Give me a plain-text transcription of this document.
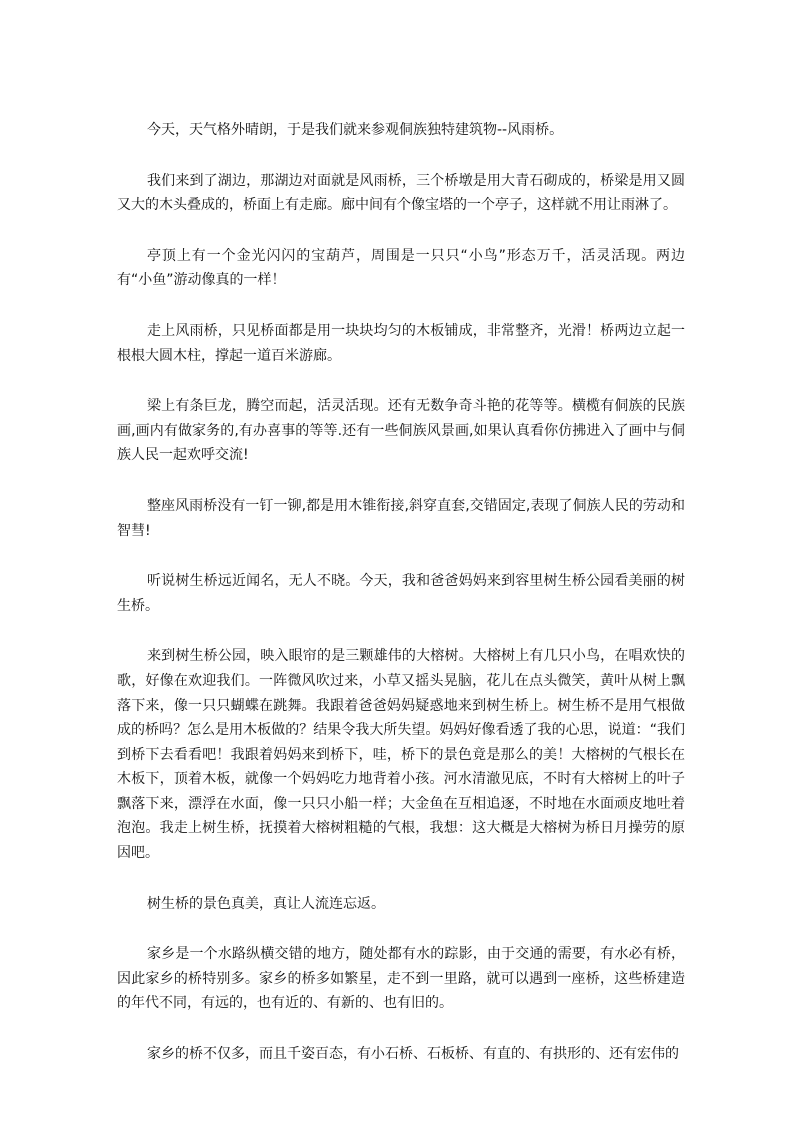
今天，天气格外晴朗，于是我们就来参观侗族独特建筑物--风雨桥。

我们来到了湖边，那湖边对面就是风雨桥，三个桥墩是用大青石砌成的，桥梁是用又圆又大的木头叠成的，桥面上有走廊。廊中间有个像宝塔的一个亭子，这样就不用让雨淋了。

亭顶上有一个金光闪闪的宝葫芦，周围是一只只“小鸟”形态万千，活灵活现。两边有“小鱼”游动像真的一样！

走上风雨桥，只见桥面都是用一块块均匀的木板铺成，非常整齐，光滑！桥两边立起一根根大圆木柱，撑起一道百米游廊。

梁上有条巨龙，腾空而起，活灵活现。还有无数争奇斗艳的花等等。横榄有侗族的民族画,画内有做家务的,有办喜事的等等.还有一些侗族风景画,如果认真看你仿拂进入了画中与侗族人民一起欢呼交流!

整座风雨桥没有一钉一铆,都是用木锥衔接,斜穿直套,交错固定,表现了侗族人民的劳动和智彗!

听说树生桥远近闻名，无人不晓。今天，我和爸爸妈妈来到容里树生桥公园看美丽的树生桥。

来到树生桥公园，映入眼帘的是三颗雄伟的大榕树。大榕树上有几只小鸟，在唱欢快的歌，好像在欢迎我们。一阵微风吹过来，小草又摇头晃脑，花儿在点头微笑，黄叶从树上飘落下来，像一只只蝴蝶在跳舞。我跟着爸爸妈妈疑惑地来到树生桥上。树生桥不是用气根做成的桥吗？怎么是用木板做的？结果令我大所失望。妈妈好像看透了我的心思，说道：“我们到桥下去看看吧！我跟着妈妈来到桥下，哇，桥下的景色竟是那么的美！大榕树的气根长在木板下，顶着木板，就像一个妈妈吃力地背着小孩。河水清澈见底，不时有大榕树上的叶子飘落下来，漂浮在水面，像一只只小船一样；大金鱼在互相追逐，不时地在水面顽皮地吐着泡泡。我走上树生桥，抚摸着大榕树粗糙的气根，我想：这大概是大榕树为桥日月操劳的原因吧。

树生桥的景色真美，真让人流连忘返。

家乡是一个水路纵横交错的地方，随处都有水的踪影，由于交通的需要，有水必有桥，因此家乡的桥特别多。家乡的桥多如繁星，走不到一里路，就可以遇到一座桥，这些桥建造的年代不同，有远的，也有近的、有新的、也有旧的。

家乡的桥不仅多，而且千姿百态，有小石桥、石板桥、有直的、有拱形的、还有宏伟的
